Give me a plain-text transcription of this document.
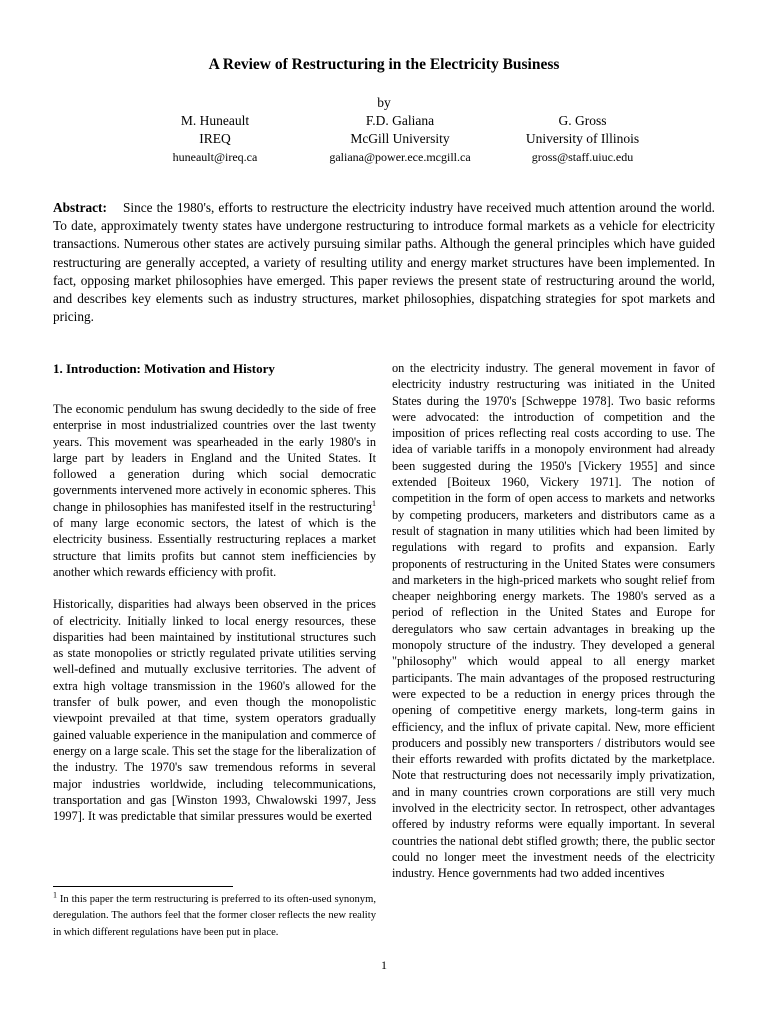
A Review of Restructuring in the Electricity Business
by
M. Huneault
IREQ
huneault@ireq.ca
F.D. Galiana
McGill University
galiana@power.ece.mcgill.ca
G. Gross
University of Illinois
gross@staff.uiuc.edu

Abstract: Since the 1980's, efforts to restructure the electricity industry have received much attention around the world. To date, approximately twenty states have undergone restructuring to introduce formal markets as a vehicle for electricity transactions. Numerous other states are actively pursuing similar paths. Although the general principles which have guided restructuring are generally accepted, a variety of resulting utility and energy market structures have been implemented. In fact, opposing market philosophies have emerged. This paper reviews the present state of restructuring around the world, and describes key elements such as industry structures, market philosophies, dispatching strategies for spot markets and pricing.

1. Introduction: Motivation and History

The economic pendulum has swung decidedly to the side of free enterprise in most industrialized countries over the last twenty years. This movement was spearheaded in the early 1980's in large part by leaders in England and the United States. It followed a generation during which social democratic governments intervened more actively in economic spheres. This change in philosophies has manifested itself in the restructuring$^1$ of many large economic sectors, the latest of which is the electricity business. Essentially restructuring replaces a market structure that limits profits but cannot stem inefficiencies by another which rewards efficiency with profit.

Historically, disparities had always been observed in the prices of electricity. Initially linked to local energy resources, these disparities had been maintained by institutional structures such as state monopolies or strictly regulated private utilities serving well-defined and mutually exclusive territories. The advent of extra high voltage transmission in the 1960's allowed for the transfer of bulk power, and even though the monopolistic viewpoint prevailed at that time, system operators gradually gained valuable experience in the manipulation and commerce of energy on a large scale. This set the stage for the liberalization of the industry. The 1970's saw tremendous reforms in several major industries worldwide, including telecommunications, transportation and gas [Winston 1993, Chwalowski 1997, Jess 1997]. It was predictable that similar pressures would be exerted

on the electricity industry. The general movement in favor of electricity industry restructuring was initiated in the United States during the 1970's [Schweppe 1978]. Two basic reforms were advocated: the introduction of competition and the imposition of prices reflecting real costs according to use. The idea of variable tariffs in a monopoly environment had already been suggested during the 1950's [Vickery 1955] and since extended [Boiteux 1960, Vickery 1971]. The notion of competition in the form of open access to markets and networks by competing producers, marketers and distributors came as a result of stagnation in many utilities which had been limited by regulations with regard to profits and expansion. Early proponents of restructuring in the United States were consumers and marketers in the high-priced markets who sought relief from cheaper neighboring energy markets. The 1980's served as a period of reflection in the United States and Europe for deregulators who saw certain advantages in breaking up the monopoly structure of the industry. They developed a general "philosophy" which would appeal to all energy market participants. The main advantages of the proposed restructuring were expected to be a reduction in energy prices through the opening of competitive energy markets, long-term gains in efficiency, and the influx of private capital. New, more efficient producers and possibly new transporters / distributors would see their efforts rewarded with profits dictated by the marketplace. Note that restructuring does not necessarily imply privatization, and in many countries crown corporations are still very much involved in the electricity sector. In retrospect, other advantages offered by industry reforms were equally important. In several countries the national debt stifled growth; there, the public sector could no longer meet the investment needs of the electricity industry. Hence governments had two added incentives

$^1$ In this paper the term restructuring is preferred to its often-used synonym, deregulation. The authors feel that the former closer reflects the new reality in which different regulations have been put in place.

1
